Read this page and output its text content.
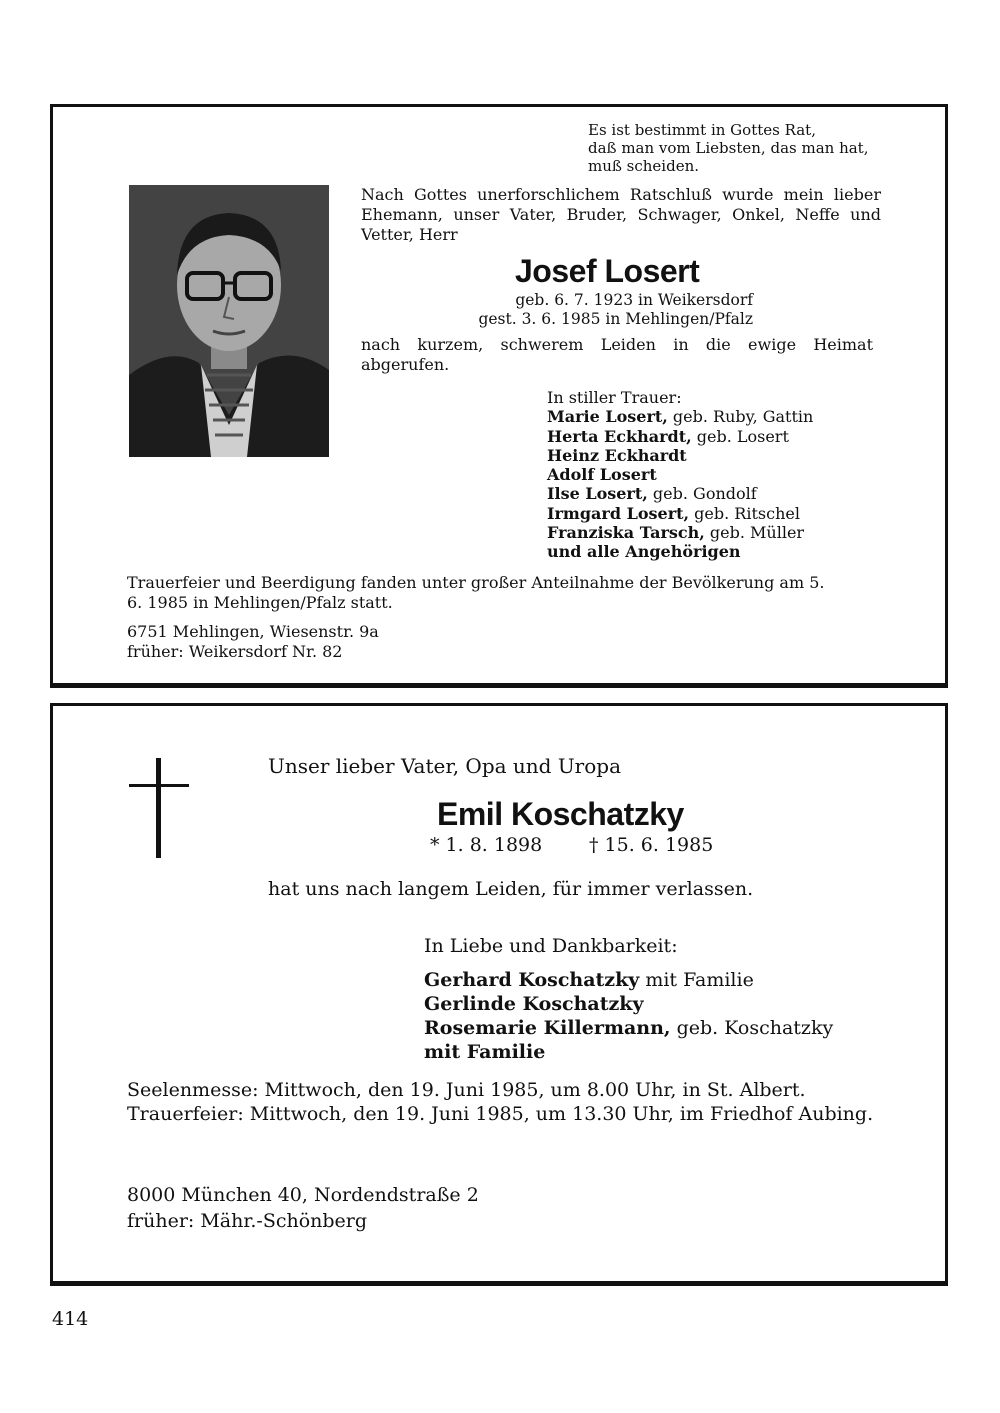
Es ist bestimmt in Gottes Rat,
daß man vom Liebsten, das man hat,
muß scheiden.
Nach Gottes unerforschlichem Ratschluß wurde mein lieber Ehemann, unser Vater, Bruder, Schwager, Onkel, Neffe und Vetter, Herr
Josef Losert
geb. 6. 7. 1923 in Weikersdorf
gest. 3. 6. 1985 in Mehlingen/Pfalz
nach kurzem, schwerem Leiden in die ewige Heimat abgerufen.
In stiller Trauer:
Marie Losert, geb. Ruby, Gattin
Herta Eckhardt, geb. Losert
Heinz Eckhardt
Adolf Losert
Ilse Losert, geb. Gondolf
Irmgard Losert, geb. Ritschel
Franziska Tarsch, geb. Müller
und alle Angehörigen
Trauerfeier und Beerdigung fanden unter großer Anteilnahme der Bevölkerung am 5. 6. 1985 in Mehlingen/Pfalz statt.
6751 Mehlingen, Wiesenstr. 9a
früher: Weikersdorf Nr. 82
Unser lieber Vater, Opa und Uropa
Emil Koschatzky
* 1. 8. 1898 † 15. 6. 1985
hat uns nach langem Leiden, für immer verlassen.
In Liebe und Dankbarkeit:
Gerhard Koschatzky mit Familie
Gerlinde Koschatzky
Rosemarie Killermann, geb. Koschatzky
mit Familie
Seelenmesse: Mittwoch, den 19. Juni 1985, um 8.00 Uhr, in St. Albert.
Trauerfeier: Mittwoch, den 19. Juni 1985, um 13.30 Uhr, im Friedhof Aubing.
8000 München 40, Nordendstraße 2
früher: Mähr.-Schönberg
414
